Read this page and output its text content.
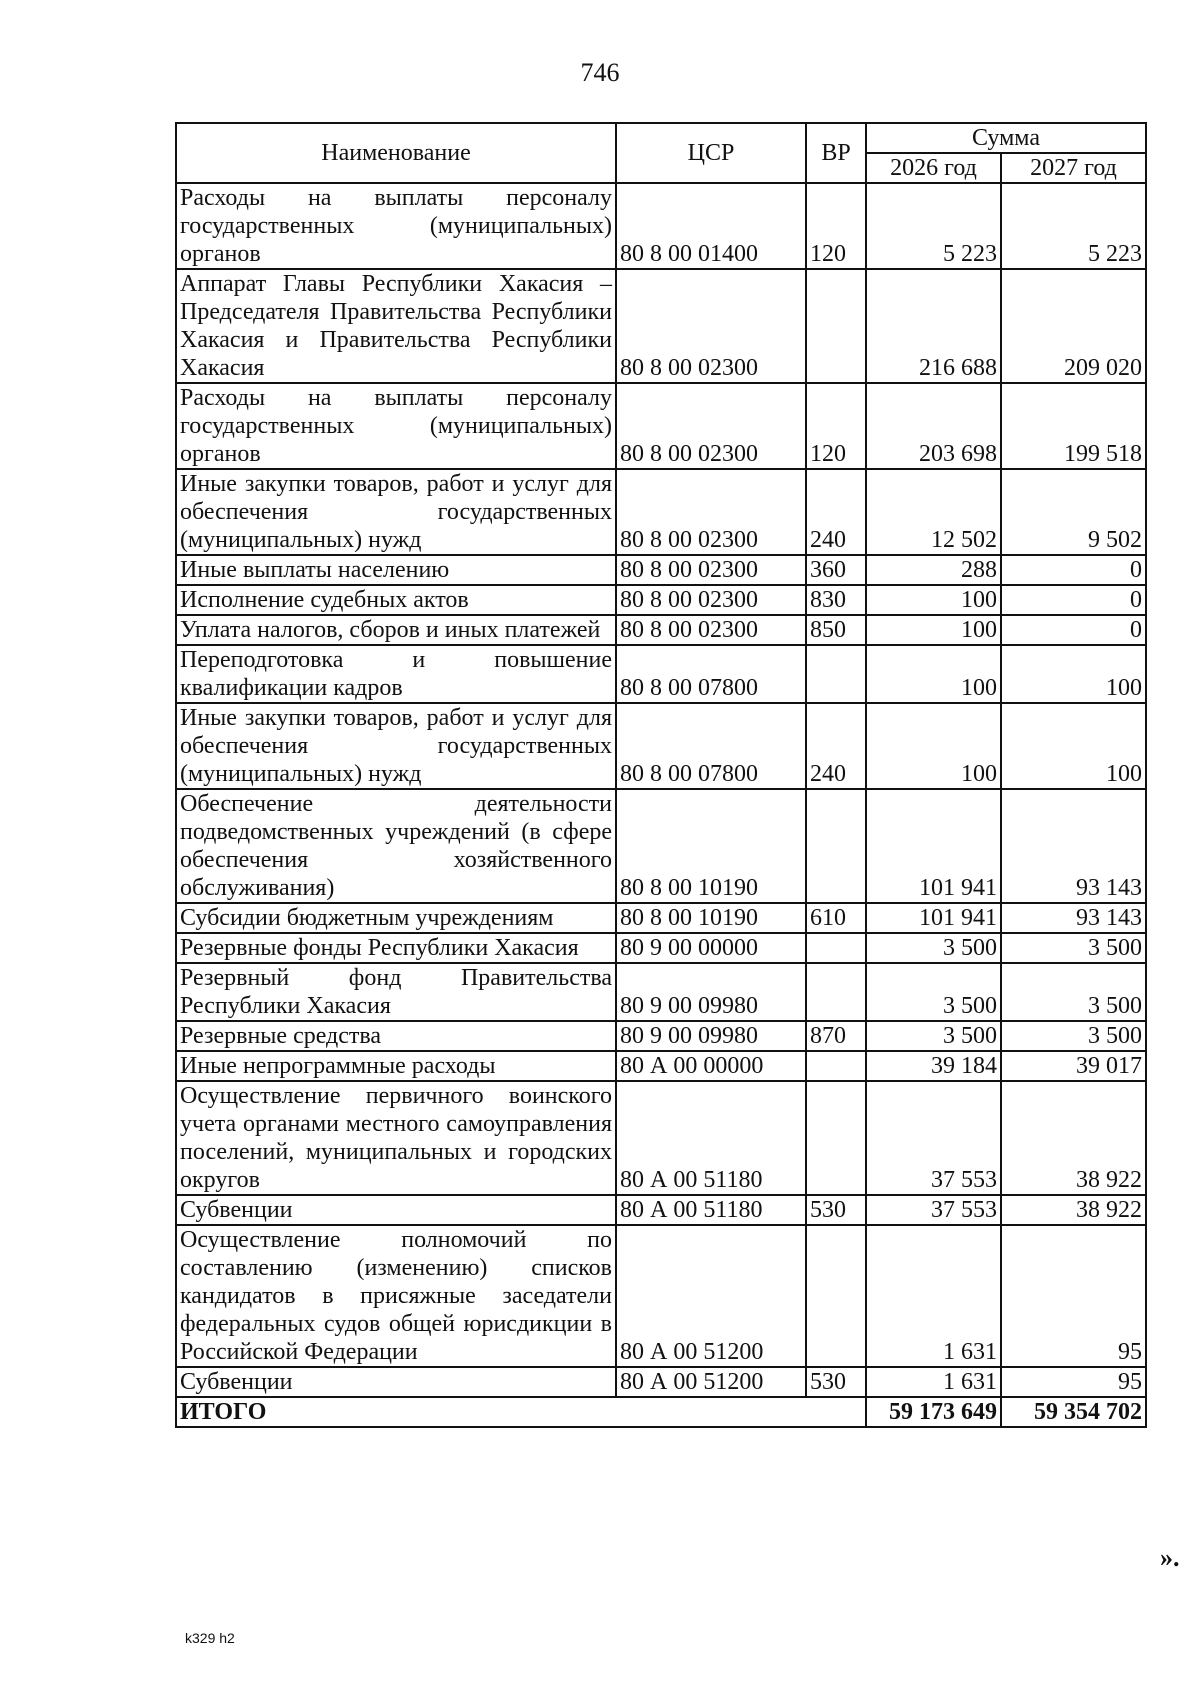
746
Наименование	ЦСР	ВР	Сумма	
			2026 год	2027 год
Расходы на выплаты персоналу государственных (муниципальных) органов	80 8 00 01400	120	5 223	5 223
Аппарат Главы Республики Хакасия – Председателя Правительства Республики Хакасия и Правительства Республики Хакасия	80 8 00 02300		216 688	209 020
Расходы на выплаты персоналу государственных (муниципальных) органов	80 8 00 02300	120	203 698	199 518
Иные закупки товаров, работ и услуг для обеспечения государственных (муниципальных) нужд	80 8 00 02300	240	12 502	9 502
Иные выплаты населению	80 8 00 02300	360	288	0
Исполнение судебных актов	80 8 00 02300	830	100	0
Уплата налогов, сборов и иных платежей	80 8 00 02300	850	100	0
Переподготовка и повышение квалификации кадров	80 8 00 07800		100	100
Иные закупки товаров, работ и услуг для обеспечения государственных (муниципальных) нужд	80 8 00 07800	240	100	100
Обеспечение деятельности подведомственных учреждений (в сфере обеспечения хозяйственного обслуживания)	80 8 00 10190		101 941	93 143
Субсидии бюджетным учреждениям	80 8 00 10190	610	101 941	93 143
Резервные фонды Республики Хакасия	80 9 00 00000		3 500	3 500
Резервный фонд Правительства Республики Хакасия	80 9 00 09980		3 500	3 500
Резервные средства	80 9 00 09980	870	3 500	3 500
Иные непрограммные расходы	80 А 00 00000		39 184	39 017
Осуществление первичного воинского учета органами местного самоуправления поселений, муниципальных и городских округов	80 А 00 51180		37 553	38 922
Субвенции	80 А 00 51180	530	37 553	38 922
Осуществление полномочий по составлению (изменению) списков кандидатов в присяжные заседатели федеральных судов общей юрисдикции в Российской Федерации	80 А 00 51200		1 631	95
Субвенции	80 А 00 51200	530	1 631	95
ИТОГО			59 173 649	59 354 702
».
k329 h2
